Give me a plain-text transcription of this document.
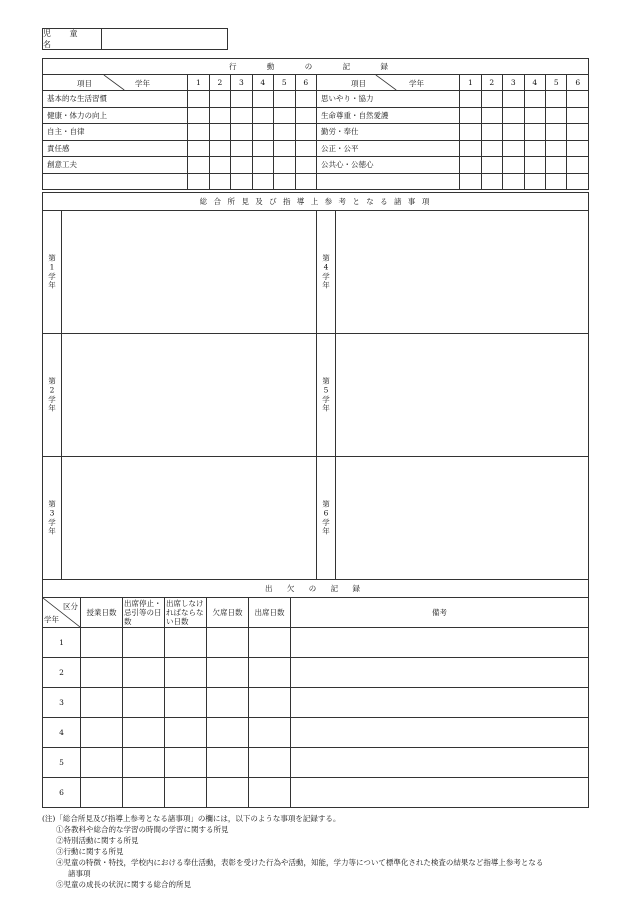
児 童 名
行 動 の 記 録													

項目 学年	1	2	3	4	5	6	項目 学年	1	2	3	4	5	6
基本的な生活習慣							思いやり・協力						
健康・体力の向上							生命尊重・自然愛護						
自主・自律							勤労・奉仕						
責任感							公正・公平						
創意工夫							公共心・公徳心						

総 合 所 見 及 び 指 導 上 参 考 と な る 諸 事 項			
第1学年		第4学年	
第2学年		第5学年	
第3学年		第6学年	
出 欠 の 記 録						

区分
学年	授業日数	出席停止・忌引等の日数	出席しなければならない日数	欠席日数	出席日数	備考
1						
2						
3						
4						
5						
6						
(注)「総合所見及び指導上参考となる諸事項」の欄には，以下のような事項を記録する。
①各教科や総合的な学習の時間の学習に関する所見
②特別活動に関する所見
③行動に関する所見
④児童の特徴・特技，学校内における奉仕活動，表彰を受けた行為や活動，知能，学力等について標準化された検査の結果など指導上参考となる
諸事項
⑤児童の成長の状況に関する総合的所見
